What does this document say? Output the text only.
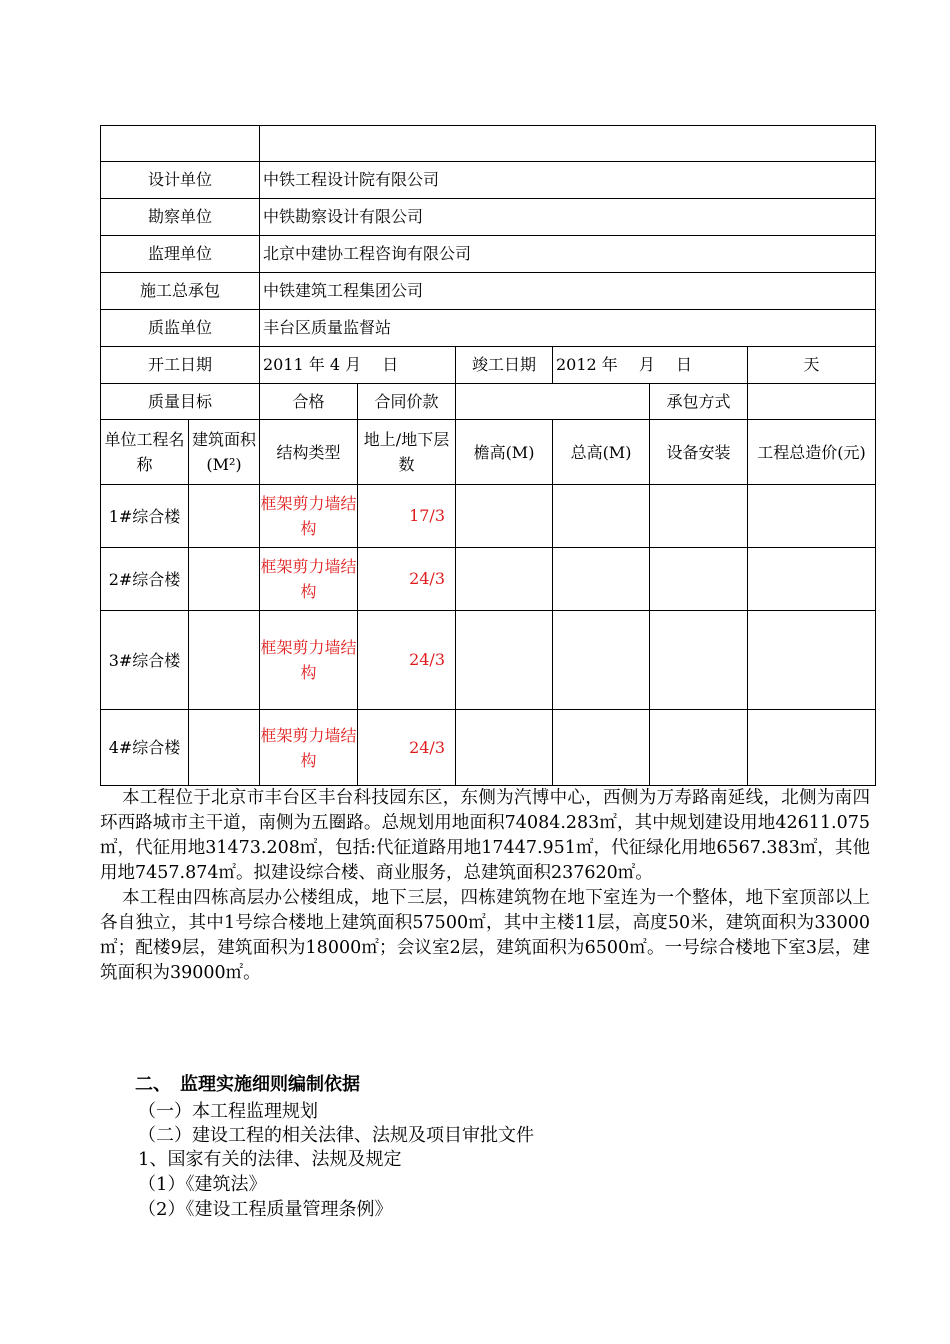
设计单位		中铁工程设计院有限公司					
勘察单位		中铁勘察设计有限公司					
监理单位		北京中建协工程咨询有限公司					
施工总承包		中铁建筑工程集团公司					
质监单位		丰台区质量监督站					
开工日期		2011 年 4 月　 日		竣工日期	2012 年　 月　 日		天
质量目标		合格	合同价款			承包方式	
单位工程名称	建筑面积(M²)	结构类型	地上/地下层数	檐高(M)	总高(M)	设备安装	工程总造价(元)
1#综合楼		框架剪力墙结构	17/3				
2#综合楼		框架剪力墙结构	24/3				
3#综合楼		框架剪力墙结构	24/3				
4#综合楼		框架剪力墙结构	24/3				

本工程位于北京市丰台区丰台科技园东区，东侧为汽博中心，西侧为万寿路南延线，北侧为南四环西路城市主干道，南侧为五圈路。总规划用地面积74084.283㎡，其中规划建设用地42611.075㎡，代征用地31473.208㎡，包括:代征道路用地17447.951㎡，代征绿化用地6567.383㎡，其他用地7457.874㎡。拟建设综合楼、商业服务，总建筑面积237620㎡。

本工程由四栋高层办公楼组成，地下三层，四栋建筑物在地下室连为一个整体，地下室顶部以上各自独立，其中1号综合楼地上建筑面积57500㎡，其中主楼11层，高度50米，建筑面积为33000㎡；配楼9层，建筑面积为18000㎡；会议室2层，建筑面积为6500㎡。一号综合楼地下室3层，建筑面积为39000㎡。

二、　监理实施细则编制依据
（一）本工程监理规划
（二）建设工程的相关法律、法规及项目审批文件
1、国家有关的法律、法规及规定
（1）《建筑法》
（2）《建设工程质量管理条例》
